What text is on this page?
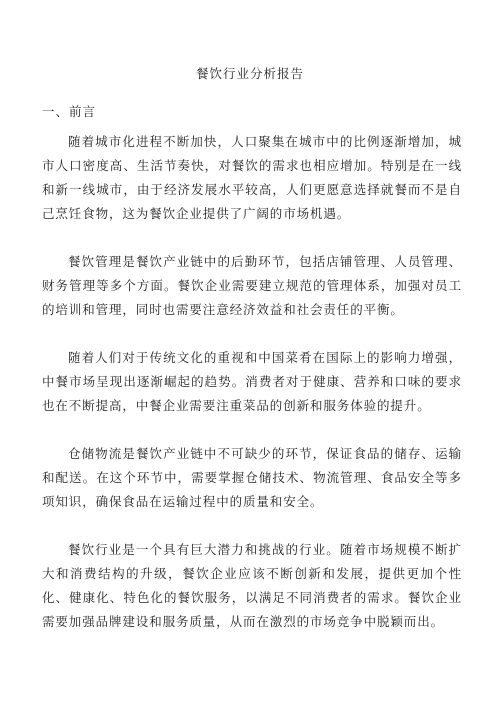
餐饮行业分析报告
一、前言

随着城市化进程不断加快，人口聚集在城市中的比例逐渐增加，城市人口密度高、生活节奏快，对餐饮的需求也相应增加。特别是在一线和新一线城市，由于经济发展水平较高，人们更愿意选择就餐而不是自己烹饪食物，这为餐饮企业提供了广阔的市场机遇。

餐饮管理是餐饮产业链中的后勤环节，包括店铺管理、人员管理、财务管理等多个方面。餐饮企业需要建立规范的管理体系，加强对员工的培训和管理，同时也需要注意经济效益和社会责任的平衡。

随着人们对于传统文化的重视和中国菜肴在国际上的影响力增强，中餐市场呈现出逐渐崛起的趋势。消费者对于健康、营养和口味的要求也在不断提高，中餐企业需要注重菜品的创新和服务体验的提升。

仓储物流是餐饮产业链中不可缺少的环节，保证食品的储存、运输和配送。在这个环节中，需要掌握仓储技术、物流管理、食品安全等多项知识，确保食品在运输过程中的质量和安全。

餐饮行业是一个具有巨大潜力和挑战的行业。随着市场规模不断扩大和消费结构的升级，餐饮企业应该不断创新和发展，提供更加个性化、健康化、特色化的餐饮服务，以满足不同消费者的需求。餐饮企业需要加强品牌建设和服务质量，从而在激烈的市场竞争中脱颖而出。
